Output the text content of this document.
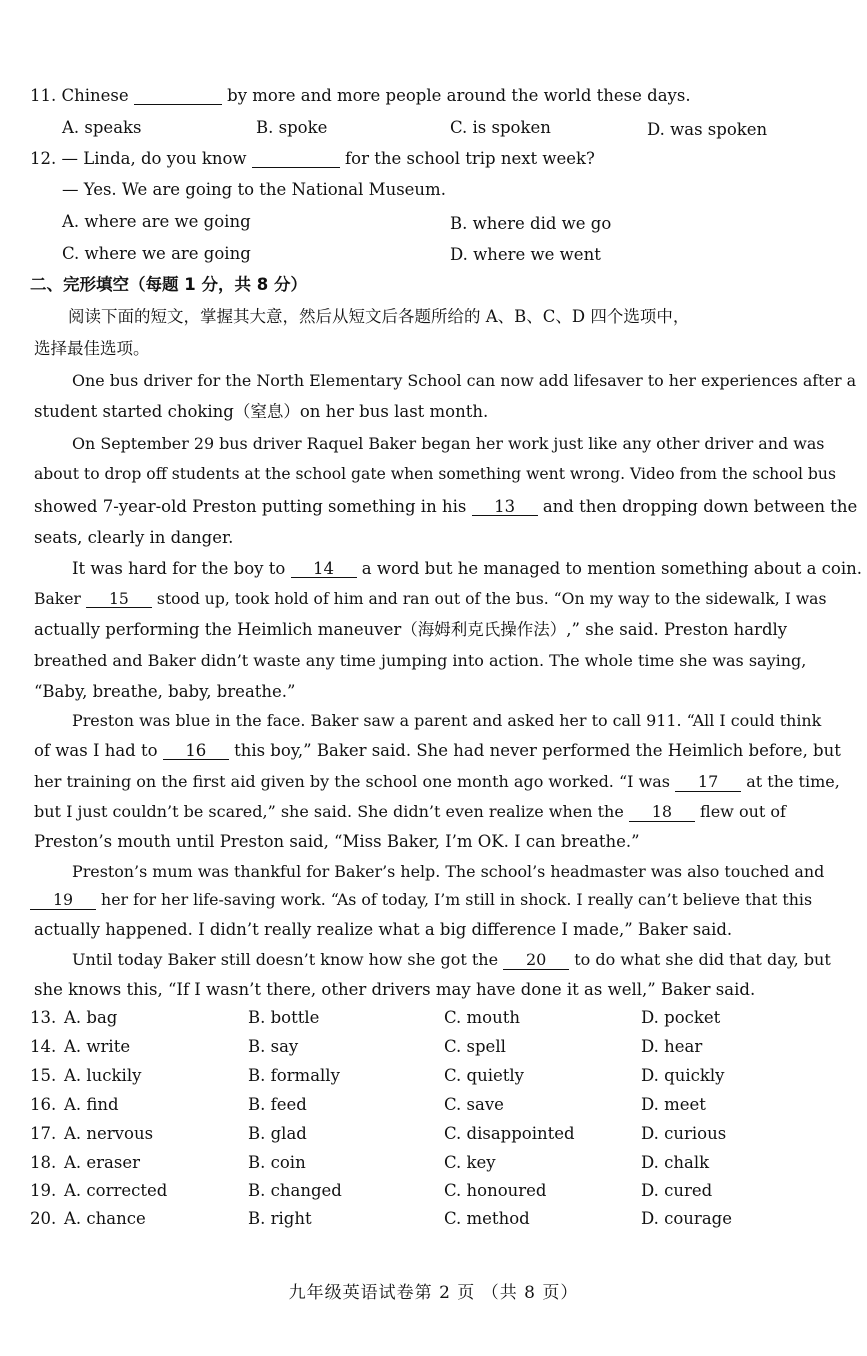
11. Chinese	by more and more people around the world these days.
A. speaks	B. spoke	C. is spoken	D. was spoken
12. — Linda, do you know	for the school trip next week?
— Yes. We are going to the National Museum.
A. where are we going	B. where did we go
C. where we are going	D. where we went
二、完形填空（每题 1 分，共 8 分）
阅读下面的短文，掌握其大意，然后从短文后各题所给的 A、B、C、D 四个选项中，
选择最佳选项。
One bus driver for the North Elementary School can now add lifesaver to her experiences after a
student started choking（窒息）on her bus last month.
On September 29 bus driver Raquel Baker began her work just like any other driver and was
about to drop off students at the school gate when something went wrong. Video from the school bus
showed 7-year-old Preston putting something in his 13 and then dropping down between the
seats, clearly in danger.
It was hard for the boy to 14 a word but he managed to mention something about a coin.
Baker 15 stood up, took hold of him and ran out of the bus. “On my way to the sidewalk, I was
actually performing the Heimlich maneuver（海姆利克氏操作法）,” she said. Preston hardly
breathed and Baker didn’t waste any time jumping into action. The whole time she was saying,
“Baby, breathe, baby, breathe.”
Preston was blue in the face. Baker saw a parent and asked her to call 911. “All I could think
of was I had to 16 this boy,” Baker said. She had never performed the Heimlich before, but
her training on the first aid given by the school one month ago worked. “I was 17 at the time,
but I just couldn’t be scared,” she said. She didn’t even realize when the 18 flew out of
Preston’s mouth until Preston said, “Miss Baker, I’m OK. I can breathe.”
Preston’s mum was thankful for Baker’s help. The school’s headmaster was also touched and
19 her for her life-saving work. “As of today, I’m still in shock. I really can’t believe that this
actually happened. I didn’t really realize what a big difference I made,” Baker said.
Until today Baker still doesn’t know how she got the 20 to do what she did that day, but
she knows this, “If I wasn’t there, other drivers may have done it as well,” Baker said.
13. A. bag	B. bottle	C. mouth	D. pocket
14. A. write	B. say	C. spell	D. hear
15. A. luckily	B. formally	C. quietly	D. quickly
16. A. find	B. feed	C. save	D. meet
17. A. nervous	B. glad	C. disappointed	D. curious
18. A. eraser	B. coin	C. key	D. chalk
19. A. corrected	B. changed	C. honoured	D. cured
20. A. chance	B. right	C. method	D. courage
九年级英语试卷第 2 页 （共 8 页）
